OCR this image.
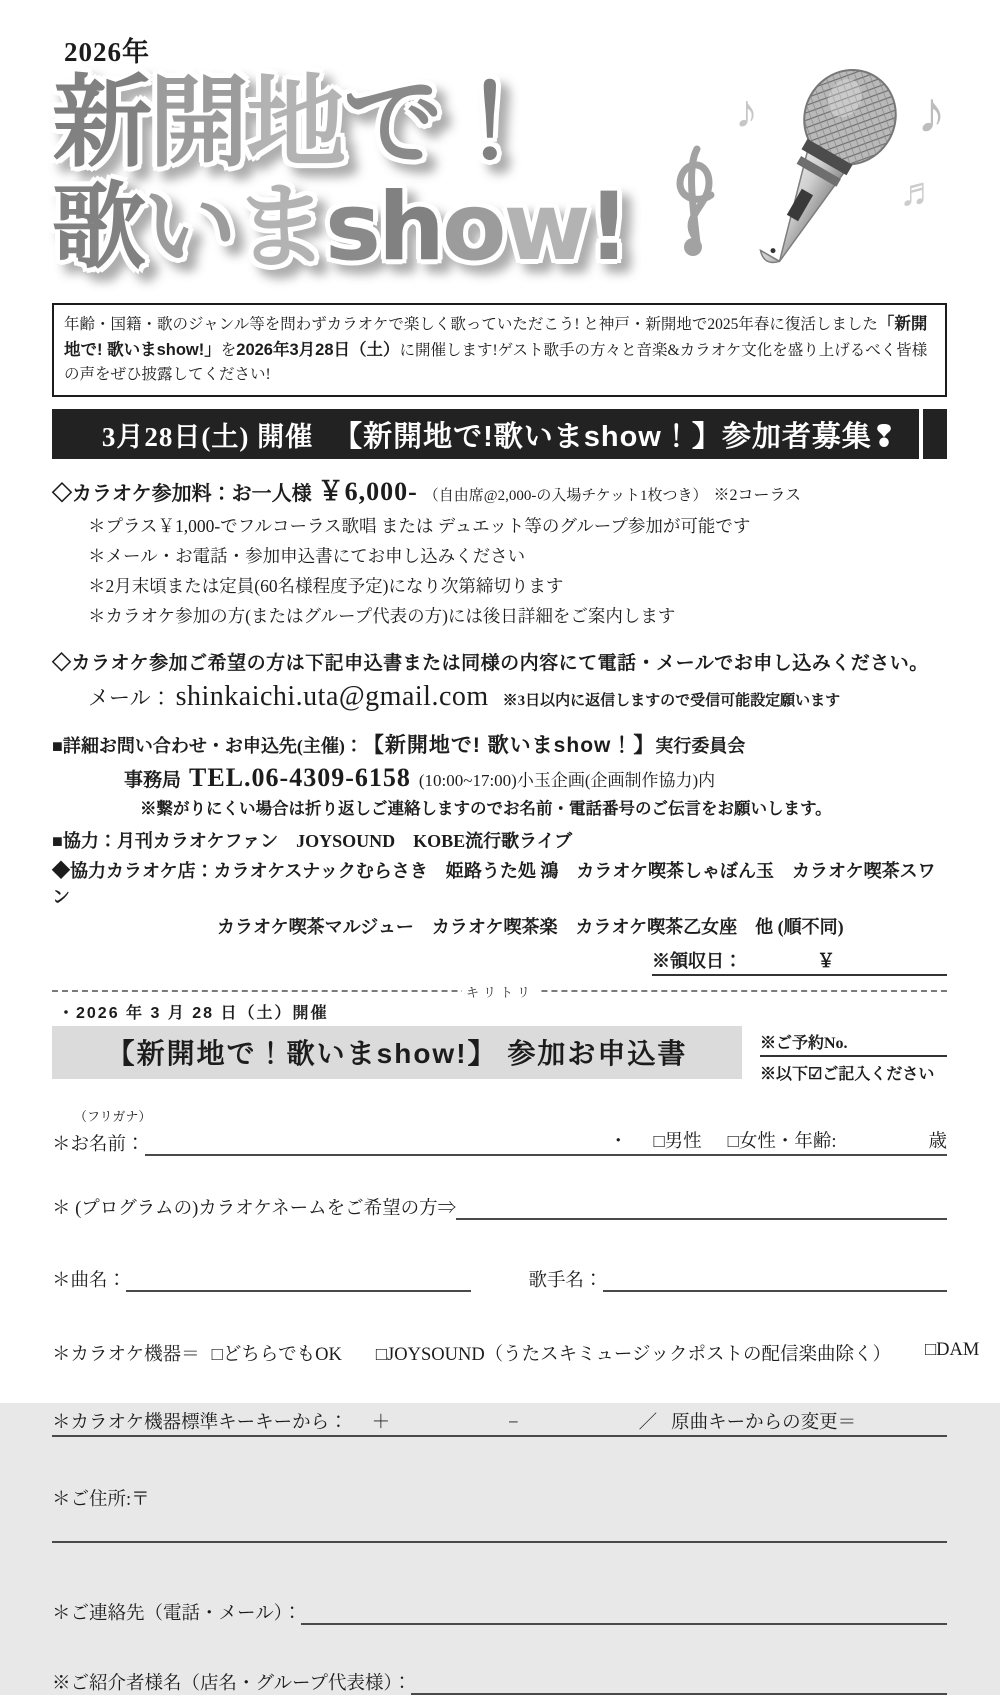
2026年
新開地で！
歌いまshow!
♪	♪
♬
年齢・国籍・歌のジャンル等を問わずカラオケで楽しく歌っていただこう! と神戸・新開地で2025年春に復活しました「新開地で! 歌いまshow!」を2026年3月28日（土）に開催します!ゲスト歌手の方々と音楽&カラオケ文化を盛り上げるべく皆様の声をぜひ披露してください!
3月28日(土) 開催 【新開地で!歌いまshow！】参加者募集❢
◇カラオケ参加料：お一人様 ￥6,000- （自由席@2,000-の入場チケット1枚つき） ※2コーラス
＊プラス￥1,000-でフルコーラス歌唱 または デュエット等のグループ参加が可能です
＊メール・お電話・参加申込書にてお申し込みください
＊2月末頃または定員(60名様程度予定)になり次第締切ります
＊カラオケ参加の方(またはグループ代表の方)には後日詳細をご案内します
◇カラオケ参加ご希望の方は下記申込書または同様の内容にて電話・メールでお申し込みください。
メール： shinkaichi.uta@gmail.com ※3日以内に返信しますので受信可能設定願います
■詳細お問い合わせ・お申込先(主催)： 【新開地で! 歌いまshow！】 実行委員会
事務局 TEL.06-4309-6158 (10:00~17:00)小玉企画(企画制作協力)内
※繋がりにくい場合は折り返しご連絡しますのでお名前・電話番号のご伝言をお願いします。
■協力：月刊カラオケファン　JOYSOUND　KOBE流行歌ライブ
◆協力カラオケ店：カラオケスナックむらさき　姫路うた処 鴻　カラオケ喫茶しゃぼん玉　カラオケ喫茶スワン
カラオケ喫茶マルジュー　カラオケ喫茶楽　カラオケ喫茶乙女座　他 (順不同)
※領収日：	￥
キリトリ
・2026 年 3 月 28 日（土）開催
【新開地で！歌いまshow!】 参加お申込書	※ご予約No.
※以下☑ご記入ください
（フリガナ）
＊お名前：	・ □男性 □女性 ・年齢:	歳
＊ (プログラムの)カラオケネームをご希望の方⇒
＊曲名：	歌手名：
＊カラオケ機器＝ □どちらでもOK □JOYSOUND（うたスキミュージックポストの配信楽曲除く） □DAM
＊カラオケ機器標準キーキーから： ＋	−	／ 原曲キーからの変更＝
＊ご住所:〒
＊ご連絡先（電話・メール）：
※ご紹介者様名（店名・グループ代表様）：
